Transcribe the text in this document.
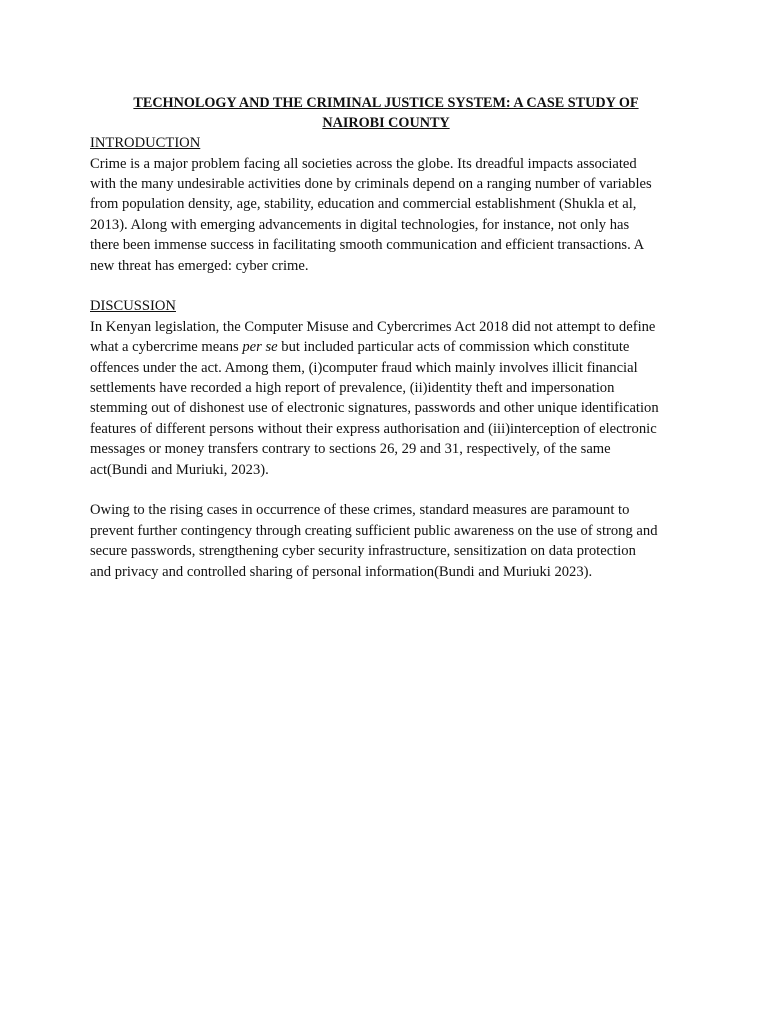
TECHNOLOGY AND THE CRIMINAL JUSTICE SYSTEM: A CASE STUDY OF
NAIROBI COUNTY
INTRODUCTION
Crime is a major problem facing all societies across the globe. Its dreadful impacts associated
with the many undesirable activities done by criminals depend on a ranging number of variables
from population density, age, stability, education and commercial establishment (Shukla et al,
2013). Along with emerging advancements in digital technologies, for instance, not only has
there been immense success in facilitating smooth communication and efficient transactions. A
new threat has emerged: cyber crime.
DISCUSSION
In Kenyan legislation, the Computer Misuse and Cybercrimes Act 2018 did not attempt to define
what a cybercrime means per se but included particular acts of commission which constitute
offences under the act. Among them, (i)computer fraud which mainly involves illicit financial
settlements have recorded a high report of prevalence, (ii)identity theft and impersonation
stemming out of dishonest use of electronic signatures, passwords and other unique identification
features of different persons without their express authorisation and (iii)interception of electronic
messages or money transfers contrary to sections 26, 29 and 31, respectively, of the same
act(Bundi and Muriuki, 2023).
Owing to the rising cases in occurrence of these crimes, standard measures are paramount to
prevent further contingency through creating sufficient public awareness on the use of strong and
secure passwords, strengthening cyber security infrastructure, sensitization on data protection
and privacy and controlled sharing of personal information(Bundi and Muriuki 2023).
